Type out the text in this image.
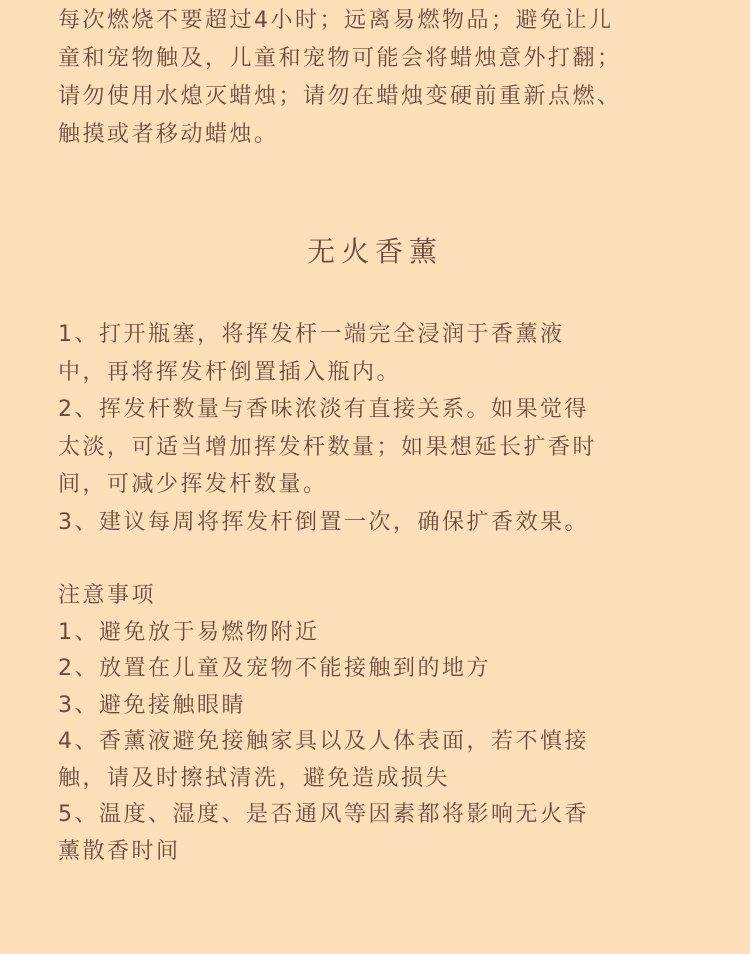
每次燃烧不要超过4小时；远离易燃物品；避免让儿
童和宠物触及，儿童和宠物可能会将蜡烛意外打翻；
请勿使用水熄灭蜡烛；请勿在蜡烛变硬前重新点燃、
触摸或者移动蜡烛。
无火香薰
1、打开瓶塞，将挥发杆一端完全浸润于香薰液
中，再将挥发杆倒置插入瓶内。
2、挥发杆数量与香味浓淡有直接关系。如果觉得
太淡，可适当增加挥发杆数量；如果想延长扩香时
间，可减少挥发杆数量。
3、建议每周将挥发杆倒置一次，确保扩香效果。
注意事项
1、避免放于易燃物附近
2、放置在儿童及宠物不能接触到的地方
3、避免接触眼睛
4、香薰液避免接触家具以及人体表面，若不慎接
触，请及时擦拭清洗，避免造成损失
5、温度、湿度、是否通风等因素都将影响无火香
薰散香时间
